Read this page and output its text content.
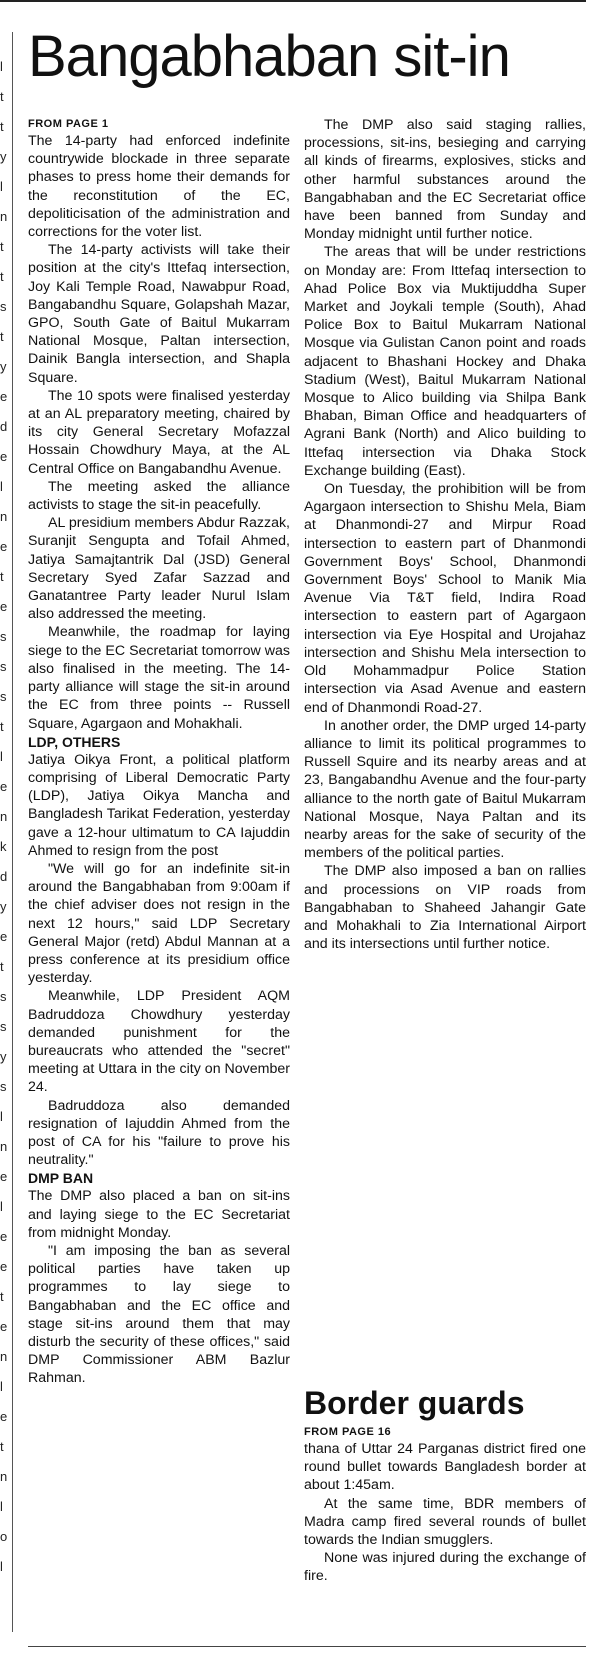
l
t
t
y
l
n
t
t
s
t
y
e
d
e
l
n
e
t
e
s
s
s
t
l
e
n
k
d
y
e
t
s
s
y
s
l
n
e
l
e
e
t
e
n
l
e
t
n
l
o
l
Bangabhaban sit-in

FROM PAGE 1

The 14-party had enforced indefinite countrywide blockade in three separate phases to press home their demands for the reconstitution of the EC, depoliticisation of the administration and corrections for the voter list.

The 14-party activists will take their position at the city's Ittefaq intersection, Joy Kali Temple Road, Nawabpur Road, Bangabandhu Square, Golapshah Mazar, GPO, South Gate of Baitul Mukarram National Mosque, Paltan intersection, Dainik Bangla intersection, and Shapla Square.

The 10 spots were finalised yesterday at an AL preparatory meeting, chaired by its city General Secretary Mofazzal Hossain Chowdhury Maya, at the AL Central Office on Bangabandhu Avenue.

The meeting asked the alliance activists to stage the sit-in peacefully.

AL presidium members Abdur Razzak, Suranjit Sengupta and Tofail Ahmed, Jatiya Samajtantrik Dal (JSD) General Secretary Syed Zafar Sazzad and Ganatantree Party leader Nurul Islam also addressed the meeting.

Meanwhile, the roadmap for laying siege to the EC Secretariat tomorrow was also finalised in the meeting. The 14-party alliance will stage the sit-in around the EC from three points -- Russell Square, Agargaon and Mohakhali.

LDP, OTHERS

Jatiya Oikya Front, a political platform comprising of Liberal Democratic Party (LDP), Jatiya Oikya Mancha and Bangladesh Tarikat Federation, yesterday gave a 12-hour ultimatum to CA Iajuddin Ahmed to resign from the post

"We will go for an indefinite sit-in around the Bangabhaban from 9:00am if the chief adviser does not resign in the next 12 hours," said LDP Secretary General Major (retd) Abdul Mannan at a press conference at its presidium office yesterday.

Meanwhile, LDP President AQM Badruddoza Chowdhury yesterday demanded punishment for the bureaucrats who attended the "secret" meeting at Uttara in the city on November 24.

Badruddoza also demanded resignation of Iajuddin Ahmed from the post of CA for his "failure to prove his neutrality."

DMP BAN

The DMP also placed a ban on sit-ins and laying siege to the EC Secretariat from midnight Monday.

"I am imposing the ban as several political parties have taken up programmes to lay siege to Bangabhaban and the EC office and stage sit-ins around them that may disturb the security of these offices," said DMP Commissioner ABM Bazlur Rahman.

The DMP also said staging rallies, processions, sit-ins, besieging and carrying all kinds of firearms, explosives, sticks and other harmful substances around the Bangabhaban and the EC Secretariat office have been banned from Sunday and Monday midnight until further notice.

The areas that will be under restrictions on Monday are: From Ittefaq intersection to Ahad Police Box via Muktijuddha Super Market and Joykali temple (South), Ahad Police Box to Baitul Mukarram National Mosque via Gulistan Canon point and roads adjacent to Bhashani Hockey and Dhaka Stadium (West), Baitul Mukarram National Mosque to Alico building via Shilpa Bank Bhaban, Biman Office and headquarters of Agrani Bank (North) and Alico building to Ittefaq intersection via Dhaka Stock Exchange building (East).

On Tuesday, the prohibition will be from Agargaon intersection to Shishu Mela, Biam at Dhanmondi-27 and Mirpur Road intersection to eastern part of Dhanmondi Government Boys' School, Dhanmondi Government Boys' School to Manik Mia Avenue Via T&T field, Indira Road intersection to eastern part of Agargaon intersection via Eye Hospital and Urojahaz intersection and Shishu Mela intersection to Old Mohammadpur Police Station intersection via Asad Avenue and eastern end of Dhanmondi Road-27.

In another order, the DMP urged 14-party alliance to limit its political programmes to Russell Squire and its nearby areas and at 23, Bangabandhu Avenue and the four-party alliance to the north gate of Baitul Mukarram National Mosque, Naya Paltan and its nearby areas for the sake of security of the members of the political parties.

The DMP also imposed a ban on rallies and processions on VIP roads from Bangabhaban to Shaheed Jahangir Gate and Mohakhali to Zia International Airport and its intersections until further notice.

Border guards

FROM PAGE 16

thana of Uttar 24 Parganas district fired one round bullet towards Bangladesh border at about 1:45am.

At the same time, BDR members of Madra camp fired several rounds of bullet towards the Indian smugglers.

None was injured during the exchange of fire.
